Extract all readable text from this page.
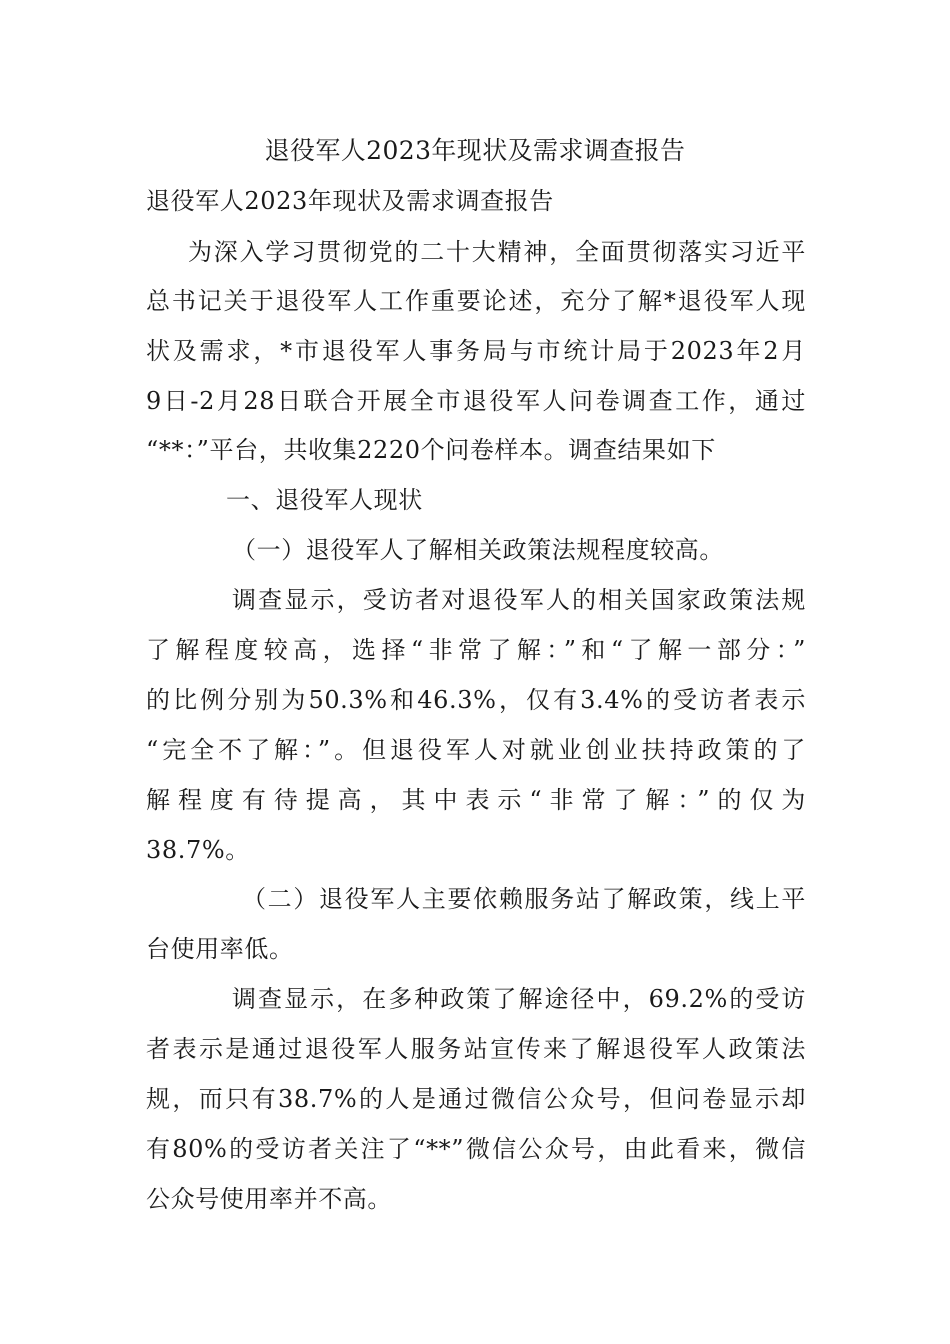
退役军人2023年现状及需求调查报告
退役军人2023年现状及需求调查报告
为深入学习贯彻党的二十大精神，全面贯彻落实习近平
总书记关于退役军人工作重要论述，充分了解*退役军人现
状及需求，*市退役军人事务局与市统计局于2023年2月
9日-2月28日联合开展全市退役军人问卷调查工作，通过
“**：”平台，共收集2220个问卷样本。调查结果如下
一、退役军人现状
（一）退役军人了解相关政策法规程度较高。
调查显示，受访者对退役军人的相关国家政策法规
了解程度较高，选择“非常了解：”和“了解一部分：”
的比例分别为50.3%和46.3%，仅有3.4%的受访者表示
“完全不了解：”。但退役军人对就业创业扶持政策的了
解程度有待提高，其中表示“非常了解：”的仅为
38.7%。
（二）退役军人主要依赖服务站了解政策，线上平
台使用率低。
调查显示，在多种政策了解途径中，69.2%的受访
者表示是通过退役军人服务站宣传来了解退役军人政策法
规，而只有38.7%的人是通过微信公众号，但问卷显示却
有80%的受访者关注了“**”微信公众号，由此看来，微信
公众号使用率并不高。
